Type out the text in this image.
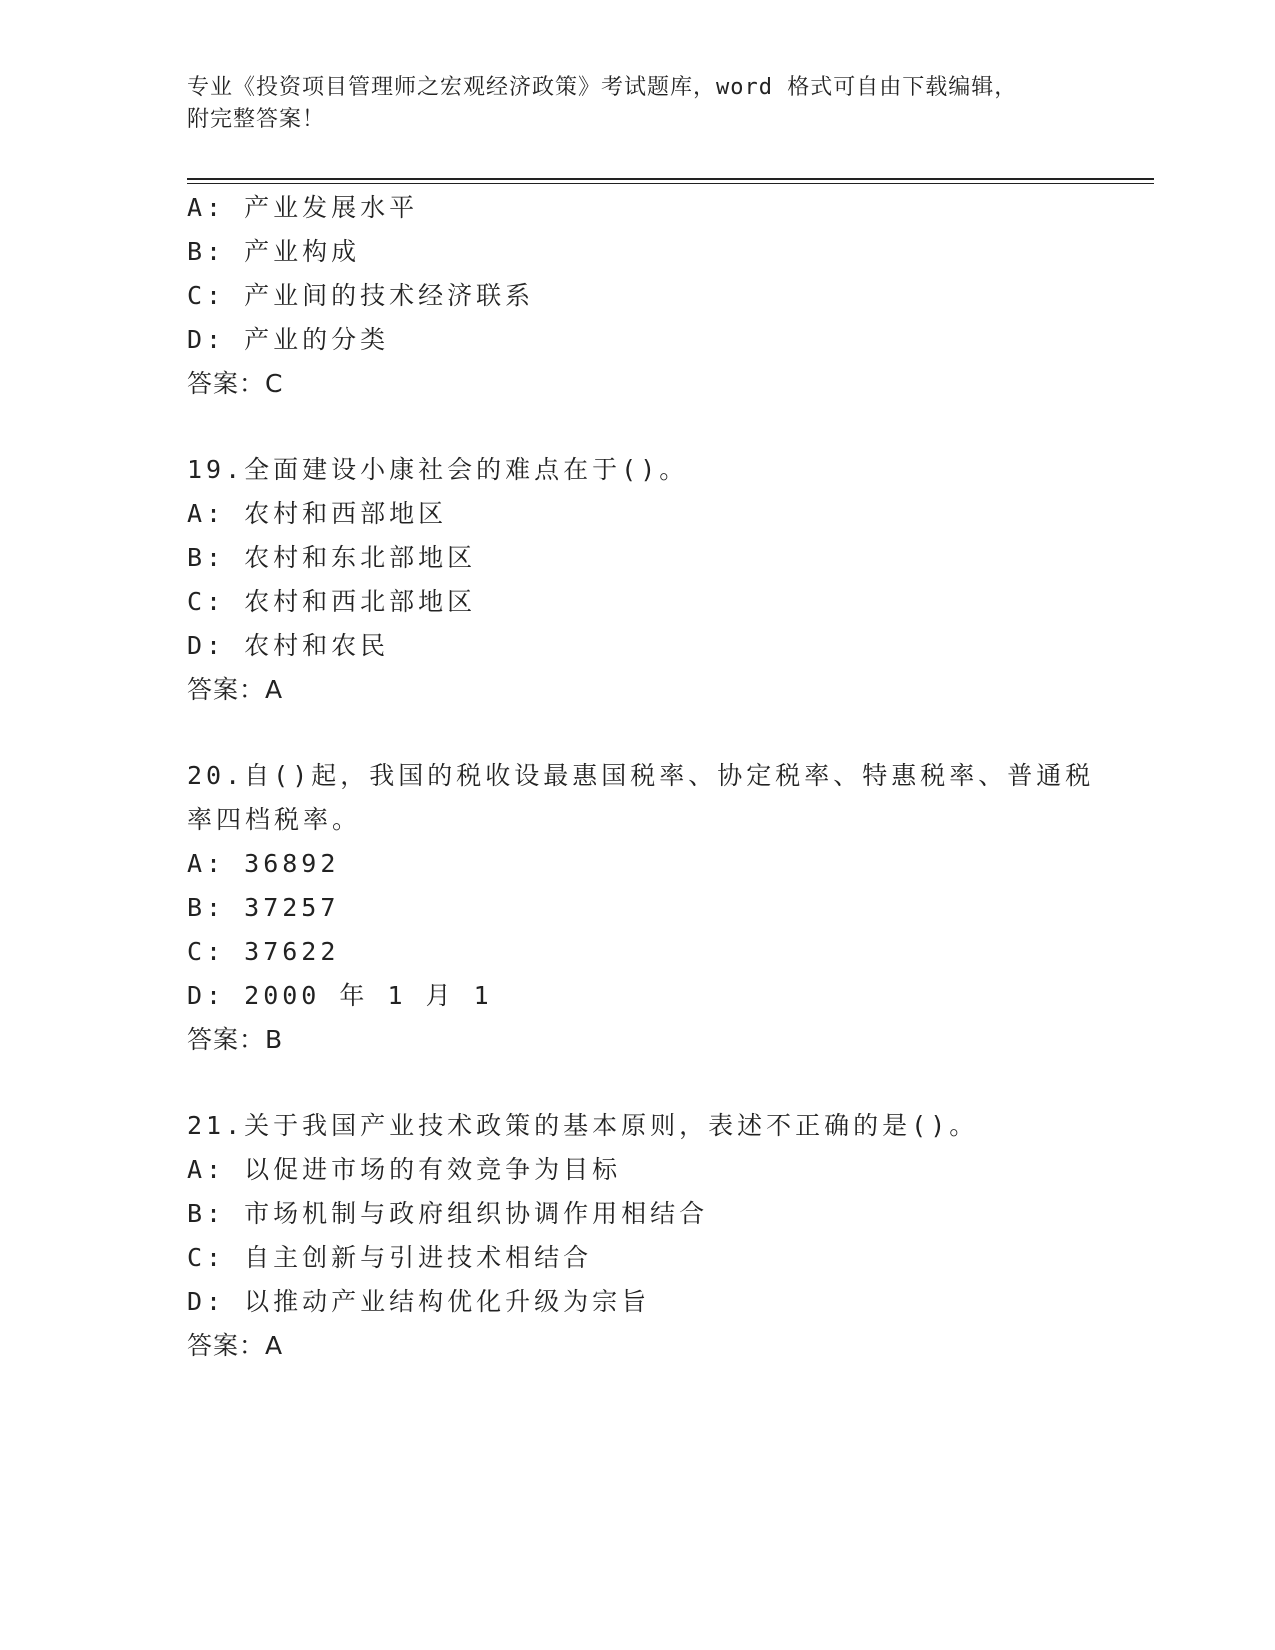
专业《投资项目管理师之宏观经济政策》考试题库，word 格式可自由下载编辑，
附完整答案！
A: 产业发展水平
B: 产业构成
C: 产业间的技术经济联系
D: 产业的分类
答案：C
19.全面建设小康社会的难点在于()。
A: 农村和西部地区
B: 农村和东北部地区
C: 农村和西北部地区
D: 农村和农民
答案：A
20.自()起，我国的税收设最惠国税率、协定税率、特惠税率、普通税
率四档税率。
A: 36892
B: 37257
C: 37622
D: 2000 年 1 月 1
答案：B
21.关于我国产业技术政策的基本原则，表述不正确的是()。
A: 以促进市场的有效竞争为目标
B: 市场机制与政府组织协调作用相结合
C: 自主创新与引进技术相结合
D: 以推动产业结构优化升级为宗旨
答案：A
